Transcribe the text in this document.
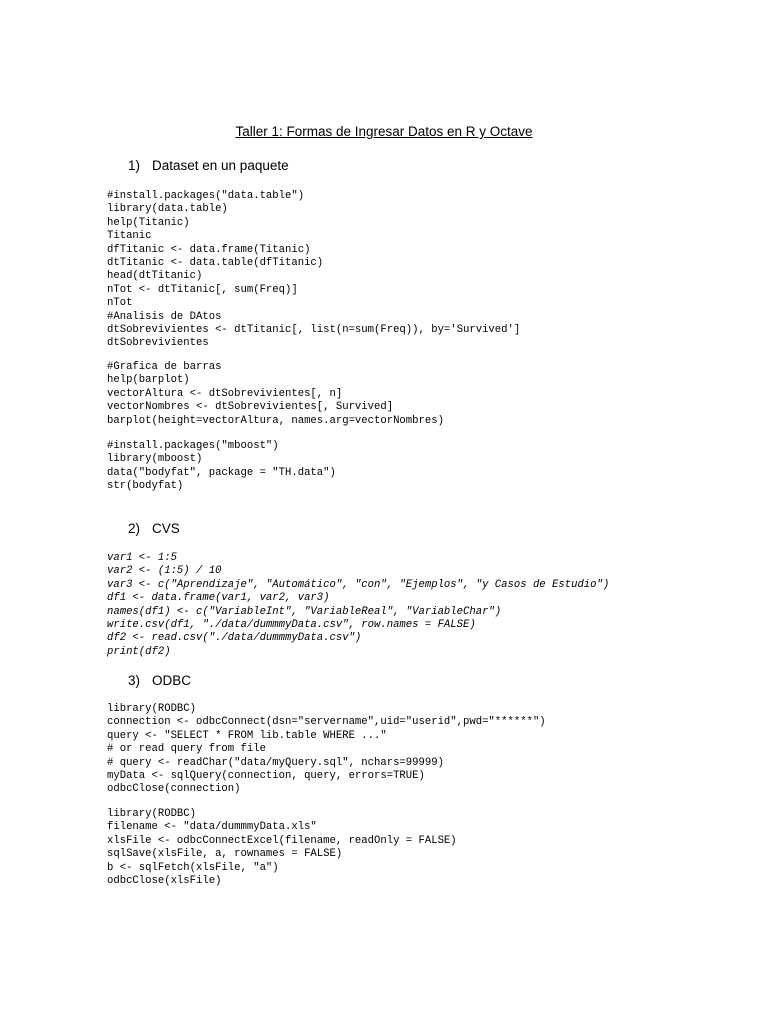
Taller 1: Formas de Ingresar Datos en R y Octave
1) Dataset en un paquete
#install.packages("data.table")
library(data.table)
help(Titanic)
Titanic
dfTitanic <- data.frame(Titanic)
dtTitanic <- data.table(dfTitanic)
head(dtTitanic)
nTot <- dtTitanic[, sum(Freq)]
nTot
#Analisis de DAtos
dtSobrevivientes <- dtTitanic[, list(n=sum(Freq)), by='Survived']
dtSobrevivientes
#Grafica de barras
help(barplot)
vectorAltura <- dtSobrevivientes[, n]
vectorNombres <- dtSobrevivientes[, Survived]
barplot(height=vectorAltura, names.arg=vectorNombres)
#install.packages("mboost")
library(mboost)
data("bodyfat", package = "TH.data")
str(bodyfat)
2) CVS
var1 <- 1:5
var2 <- (1:5) / 10
var3 <- c("Aprendizaje", "Automático", "con", "Ejemplos", "y Casos de Estudio")
df1 <- data.frame(var1, var2, var3)
names(df1) <- c("VariableInt", "VariableReal", "VariableChar")
write.csv(df1, "./data/dummmyData.csv", row.names = FALSE)
df2 <- read.csv("./data/dummmyData.csv")
print(df2)
3) ODBC
library(RODBC)
connection <- odbcConnect(dsn="servername",uid="userid",pwd="******")
query <- "SELECT * FROM lib.table WHERE ..."
# or read query from file
# query <- readChar("data/myQuery.sql", nchars=99999)
myData <- sqlQuery(connection, query, errors=TRUE)
odbcClose(connection)
library(RODBC)
filename <- "data/dummmyData.xls"
xlsFile <- odbcConnectExcel(filename, readOnly = FALSE)
sqlSave(xlsFile, a, rownames = FALSE)
b <- sqlFetch(xlsFile, "a")
odbcClose(xlsFile)
